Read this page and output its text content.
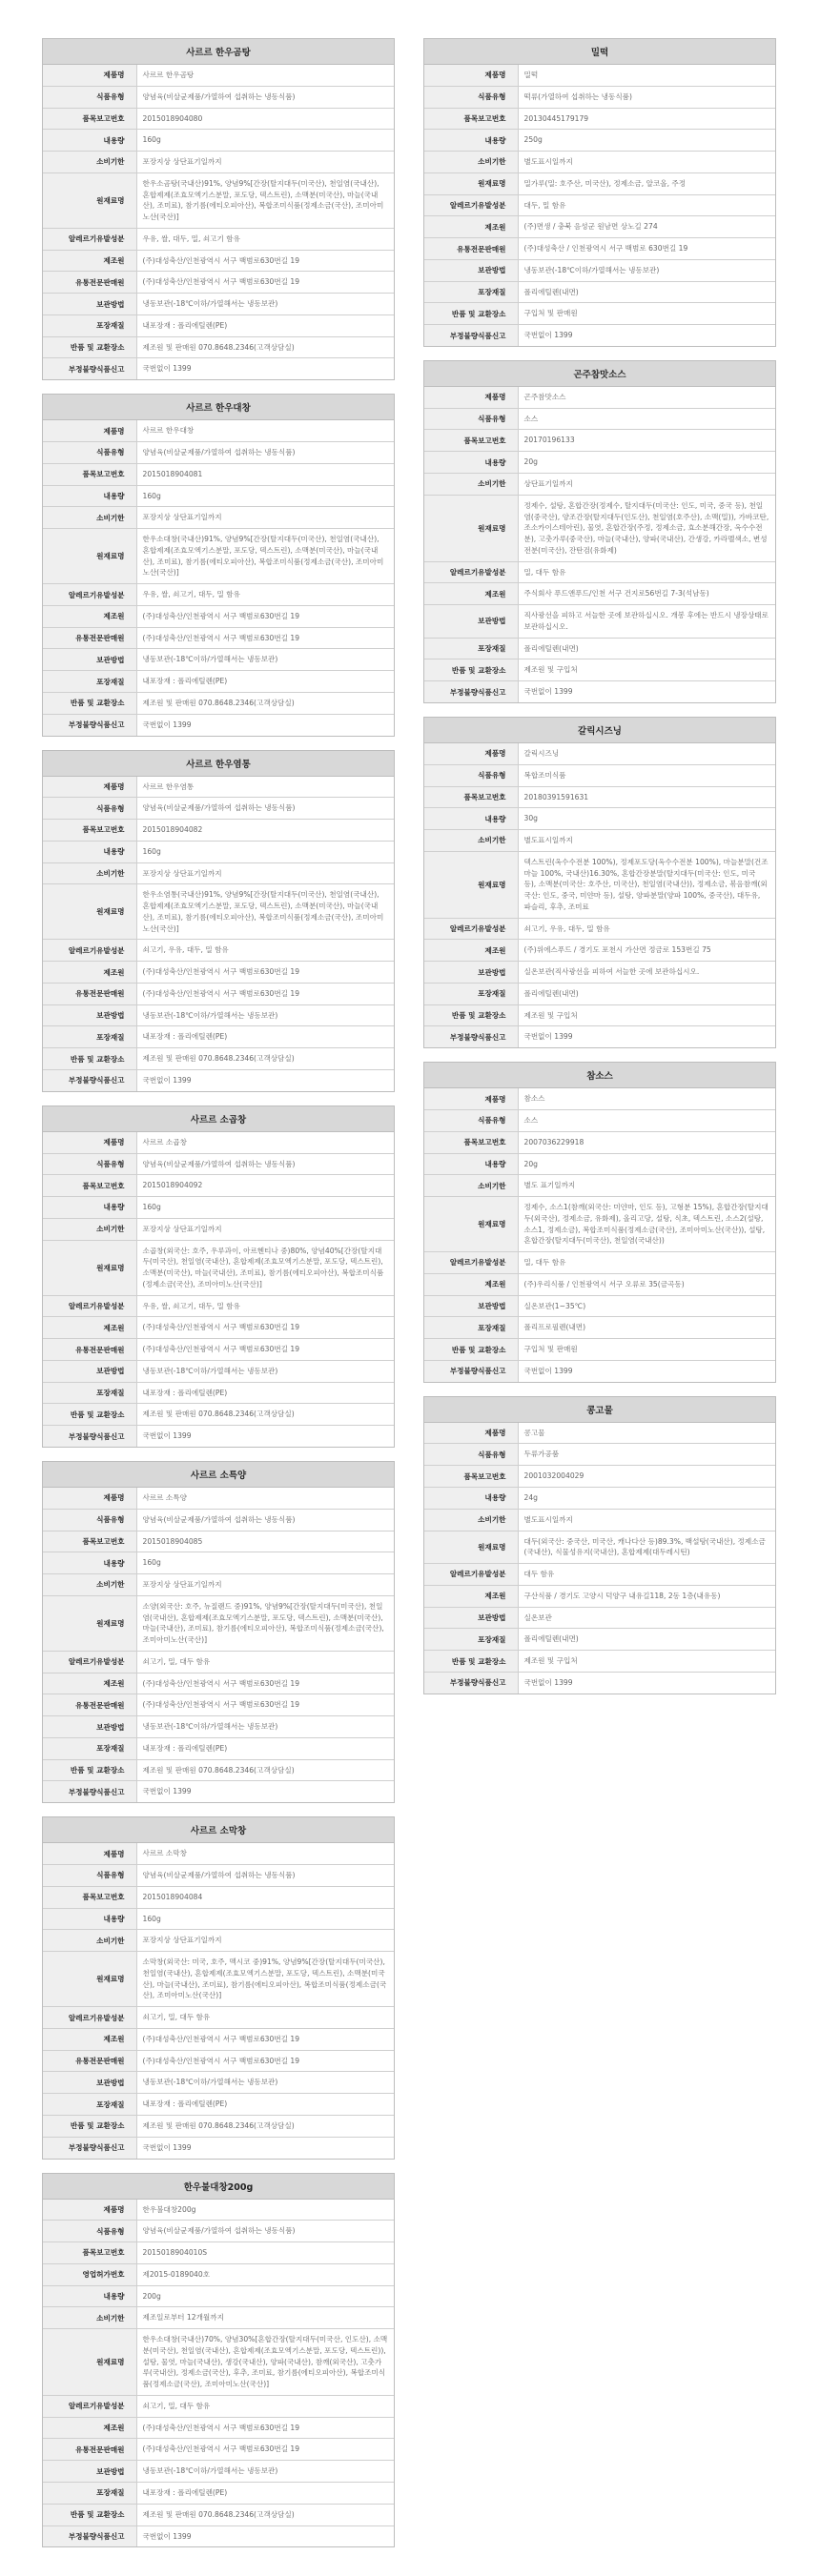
사르르 한우곰탕
제품명	사르르 한우곰탕
식품유형	양념육(비살균제품/가열하여 섭취하는 냉동식품)
품목보고번호	2015018904080
내용량	160g
소비기한	포장지상 상단표기일까지
원재료명	한우소곰탕(국내산)91%, 양념9%[간장(탈지대두(미국산), 천일염(국내산), 혼합제제(조효모엑기스분말, 포도당, 덱스트린), 소맥분(미국산), 마늘(국내산), 조미료), 참기름(에티오피아산), 복합조미식품(정제소금(국산), 조미아미노산(국산)]
알레르기유발성분	우유, 쌀, 대두, 밀, 쇠고기 함유
제조원	(주)대성축산/인천광역시 서구 백범로630번길 19
유통전문판매원	(주)대성축산/인천광역시 서구 백범로630번길 19
보관방법	냉동보관(-18℃이하/가열해서는 냉동보관)
포장재질	내포장재 : 폴리에틸렌(PE)
반품 및 교환장소	제조원 및 판매원 070.8648.2346(고객상담실)
부정불량식품신고	국번없이 1399
사르르 한우대창
제품명	사르르 한우대창
식품유형	양념육(비살균제품/가열하여 섭취하는 냉동식품)
품목보고번호	2015018904081
내용량	160g
소비기한	포장지상 상단표기일까지
원재료명	한우소대창(국내산)91%, 양념9%[간장(탈지대두(미국산), 천일염(국내산), 혼합제제(조효모엑기스분말, 포도당, 덱스트린), 소맥분(미국산), 마늘(국내산), 조미료), 참기름(에티오피아산), 복합조미식품(정제소금(국산), 조미아미노산(국산)]
알레르기유발성분	우유, 쌀, 쇠고기, 대두, 밀 함유
제조원	(주)대성축산/인천광역시 서구 백범로630번길 19
유통전문판매원	(주)대성축산/인천광역시 서구 백범로630번길 19
보관방법	냉동보관(-18℃이하/가열해서는 냉동보관)
포장재질	내포장재 : 폴리에틸렌(PE)
반품 및 교환장소	제조원 및 판매원 070.8648.2346(고객상담실)
부정불량식품신고	국번없이 1399
사르르 한우염통
제품명	사르르 한우염통
식품유형	양념육(비살균제품/가열하여 섭취하는 냉동식품)
품목보고번호	2015018904082
내용량	160g
소비기한	포장지상 상단표기일까지
원재료명	한우소염통(국내산)91%, 양념9%[간장(탈지대두(미국산), 천일염(국내산), 혼합제제(조효모엑기스분말, 포도당, 덱스트린), 소맥분(미국산), 마늘(국내산), 조미료), 참기름(에티오피아산), 복합조미식품(정제소금(국산), 조미아미노산(국산)]
알레르기유발성분	쇠고기, 우유, 대두, 밀 함유
제조원	(주)대성축산/인천광역시 서구 백범로630번길 19
유통전문판매원	(주)대성축산/인천광역시 서구 백범로630번길 19
보관방법	냉동보관(-18℃이하/가열해서는 냉동보관)
포장재질	내포장재 : 폴리에틸렌(PE)
반품 및 교환장소	제조원 및 판매원 070.8648.2346(고객상담실)
부정불량식품신고	국번없이 1399
사르르 소곱창
제품명	사르르 소곱창
식품유형	양념육(비살균제품/가열하여 섭취하는 냉동식품)
품목보고번호	2015018904092
내용량	160g
소비기한	포장지상 상단표기일까지
원재료명	소곱창(외국산: 호주, 우루과이, 아르헨티나 중)80%, 양념40%[간장(탈지대두(미국산), 천일염(국내산), 혼합제제(조효모엑기스분말, 포도당, 덱스트린), 소맥분(미국산), 마늘(국내산), 조미료), 참기름(에티오피아산), 복합조미식품(정제소금(국산), 조미아미노산(국산)]
알레르기유발성분	우유, 쌀, 쇠고기, 대두, 밀 함유
제조원	(주)대성축산/인천광역시 서구 백범로630번길 19
유통전문판매원	(주)대성축산/인천광역시 서구 백범로630번길 19
보관방법	냉동보관(-18℃이하/가열해서는 냉동보관)
포장재질	내포장재 : 폴리에틸렌(PE)
반품 및 교환장소	제조원 및 판매원 070.8648.2346(고객상담실)
부정불량식품신고	국번없이 1399
사르르 소특양
제품명	사르르 소특양
식품유형	양념육(비살균제품/가열하여 섭취하는 냉동식품)
품목보고번호	2015018904085
내용량	160g
소비기한	포장지상 상단표기일까지
원재료명	소양(외국산: 호주, 뉴질랜드 중)91%, 양념9%[간장(탈지대두(미국산), 천일염(국내산), 혼합제제(조효모엑기스분말, 포도당, 덱스트린), 소맥분(미국산), 마늘(국내산), 조미료), 참기름(에티오피아산), 복합조미식품(정제소금(국산), 조미아미노산(국산)]
알레르기유발성분	쇠고기, 밀, 대두 함유
제조원	(주)대성축산/인천광역시 서구 백범로630번길 19
유통전문판매원	(주)대성축산/인천광역시 서구 백범로630번길 19
보관방법	냉동보관(-18℃이하/가열해서는 냉동보관)
포장재질	내포장재 : 폴리에틸렌(PE)
반품 및 교환장소	제조원 및 판매원 070.8648.2346(고객상담실)
부정불량식품신고	국번없이 1399
사르르 소막창
제품명	사르르 소막창
식품유형	양념육(비살균제품/가열하여 섭취하는 냉동식품)
품목보고번호	2015018904084
내용량	160g
소비기한	포장지상 상단표기일까지
원재료명	소막창(외국산: 미국, 호주, 멕시코 중)91%, 양념9%[간장(탈지대두(미국산), 천일염(국내산), 혼합제제(조효모엑기스분말, 포도당, 덱스트린), 소맥분(미국산), 마늘(국내산), 조미료), 참기름(에티오피아산), 복합조미식품(정제소금(국산), 조미아미노산(국산)]
알레르기유발성분	쇠고기, 밀, 대두 함유
제조원	(주)대성축산/인천광역시 서구 백범로630번길 19
유통전문판매원	(주)대성축산/인천광역시 서구 백범로630번길 19
보관방법	냉동보관(-18℃이하/가열해서는 냉동보관)
포장재질	내포장재 : 폴리에틸렌(PE)
반품 및 교환장소	제조원 및 판매원 070.8648.2346(고객상담실)
부정불량식품신고	국번없이 1399
한우불대창200g
제품명	한우불대창200g
식품유형	양념육(비살균제품/가열하여 섭취하는 냉동식품)
품목보고번호	2015018904010S
영업허가번호	제2015-0189040호
내용량	200g
소비기한	제조일로부터 12개월까지
원재료명	한우소대창(국내산)70%, 양념30%[혼합간장(탈지대두(미국산, 인도산), 소맥분(미국산), 천일염(국내산), 혼합제제(조효모엑기스분말, 포도당, 덱스트린)), 설탕, 물엿, 마늘(국내산), 생강(국내산), 양파(국내산), 참깨(외국산), 고춧가루(국내산), 정제소금(국산), 후추, 조미료, 참기름(에티오피아산), 복합조미식품(정제소금(국산), 조미아미노산(국산)]
알레르기유발성분	쇠고기, 밀, 대두 함유
제조원	(주)대성축산/인천광역시 서구 백범로630번길 19
유통전문판매원	(주)대성축산/인천광역시 서구 백범로630번길 19
보관방법	냉동보관(-18℃이하/가열해서는 냉동보관)
포장재질	내포장재 : 폴리에틸렌(PE)
반품 및 교환장소	제조원 및 판매원 070.8648.2346(고객상담실)
부정불량식품신고	국번없이 1399
밀떡
제품명	밀떡
식품유형	떡류(가열하여 섭취하는 냉동식품)
품목보고번호	20130445179179
내용량	250g
소비기한	별도표시일까지
원재료명	밀가루(밀: 호주산, 미국산), 정제소금, 알코올, 주정
알레르기유발성분	대두, 밀 함유
제조원	(주)면생 / 충북 음성군 원남면 상노길 274
유통전문판매원	(주)대성축산 / 인천광역시 서구 백범로 630번길 19
보관방법	냉동보관(-18℃이하/가열해서는 냉동보관)
포장재질	폴리에틸렌(내면)
반품 및 교환장소	구입처 및 판매원
부정불량식품신고	국번없이 1399
곤주참맛소스
제품명	곤주참맛소스
식품유형	소스
품목보고번호	20170196133
내용량	20g
소비기한	상단표기일까지
원재료명	정제수, 설탕, 혼합간장(정제수, 탈지대두(미국산: 인도, 미국, 중국 등), 천일염(중국산), 양조간장(탈지대두(인도산), 천일염(호주산), 소맥(밀)), 가바코탄, 조소카이스테아린), 물엿, 혼합간장(주정, 정제소금, 효소분해간장, 옥수수전분), 고춧가루(중국산), 마늘(국내산), 양파(국내산), 간생강, 카라멜색소, 변성전분(미국산), 잔탄검(유화제)
알레르기유발성분	밀, 대두 함유
제조원	주식회사 푸드앤푸드/인천 서구 건지로56번길 7-3(석남동)
보관방법	직사광선을 피하고 서늘한 곳에 보관하십시오. 개봉 후에는 반드시 냉장상태로 보관하십시오.
포장재질	폴리에틸렌(내면)
반품 및 교환장소	제조원 및 구입처
부정불량식품신고	국번없이 1399
갈릭시즈닝
제품명	갈릭시즈닝
식품유형	복합조미식품
품목보고번호	20180391591631
내용량	30g
소비기한	별도표시일까지
원재료명	덱스트린(옥수수전분 100%), 정제포도당(옥수수전분 100%), 마늘분말(건조마늘 100%, 국내산)16.30%, 혼합간장분말(탈지대두(미국산: 인도, 미국 등), 소맥분(미국산: 호주산, 미국산), 천일염(국내산)), 정제소금, 볶음참깨(외국산: 인도, 중국, 미얀마 등), 설탕, 양파분말(양파 100%, 중국산), 대두유, 파슬리, 후추, 조미료
알레르기유발성분	쇠고기, 우유, 대두, 밀 함유
제조원	(주)위에스푸드 / 경기도 포천시 가산면 정금로 153번길 75
보관방법	실온보관(직사광선을 피하여 서늘한 곳에 보관하십시오.
포장재질	폴리에틸렌(내면)
반품 및 교환장소	제조원 및 구입처
부정불량식품신고	국번없이 1399
참소스
제품명	참소스
식품유형	소스
품목보고번호	2007036229918
내용량	20g
소비기한	별도 표기일까지
원재료명	정제수, 소스1(참깨(외국산: 미얀마, 인도 등), 고형분 15%), 혼합간장(탈지대두(외국산), 정제소금, 유화제), 올리고당, 설탕, 식초, 덱스트린, 소스2(설탕, 소스1, 정제소금), 복합조미식품(정제소금(국산), 조미아미노산(국산)), 설탕, 혼합간장(탈지대두(미국산), 천일염(국내산))
알레르기유발성분	밀, 대두 함유
제조원	(주)우리식품 / 인천광역시 서구 오류로 35(금곡동)
보관방법	실온보관(1~35℃)
포장재질	폴리프로필렌(내면)
반품 및 교환장소	구입처 및 판매원
부정불량식품신고	국번없이 1399
콩고물
제품명	콩고물
식품유형	두류가공품
품목보고번호	2001032004029
내용량	24g
소비기한	별도표시일까지
원재료명	대두(외국산: 중국산, 미국산, 캐나다산 등)89.3%, 백설탕(국내산), 정제소금(국내산), 식물성유지(국내산), 혼합제제(대두레시틴)
알레르기유발성분	대두 함유
제조원	구산식품 / 경기도 고양시 덕양구 내유길118, 2동 1층(내유동)
보관방법	실온보관
포장재질	폴리에틸렌(내면)
반품 및 교환장소	제조원 및 구입처
부정불량식품신고	국번없이 1399
